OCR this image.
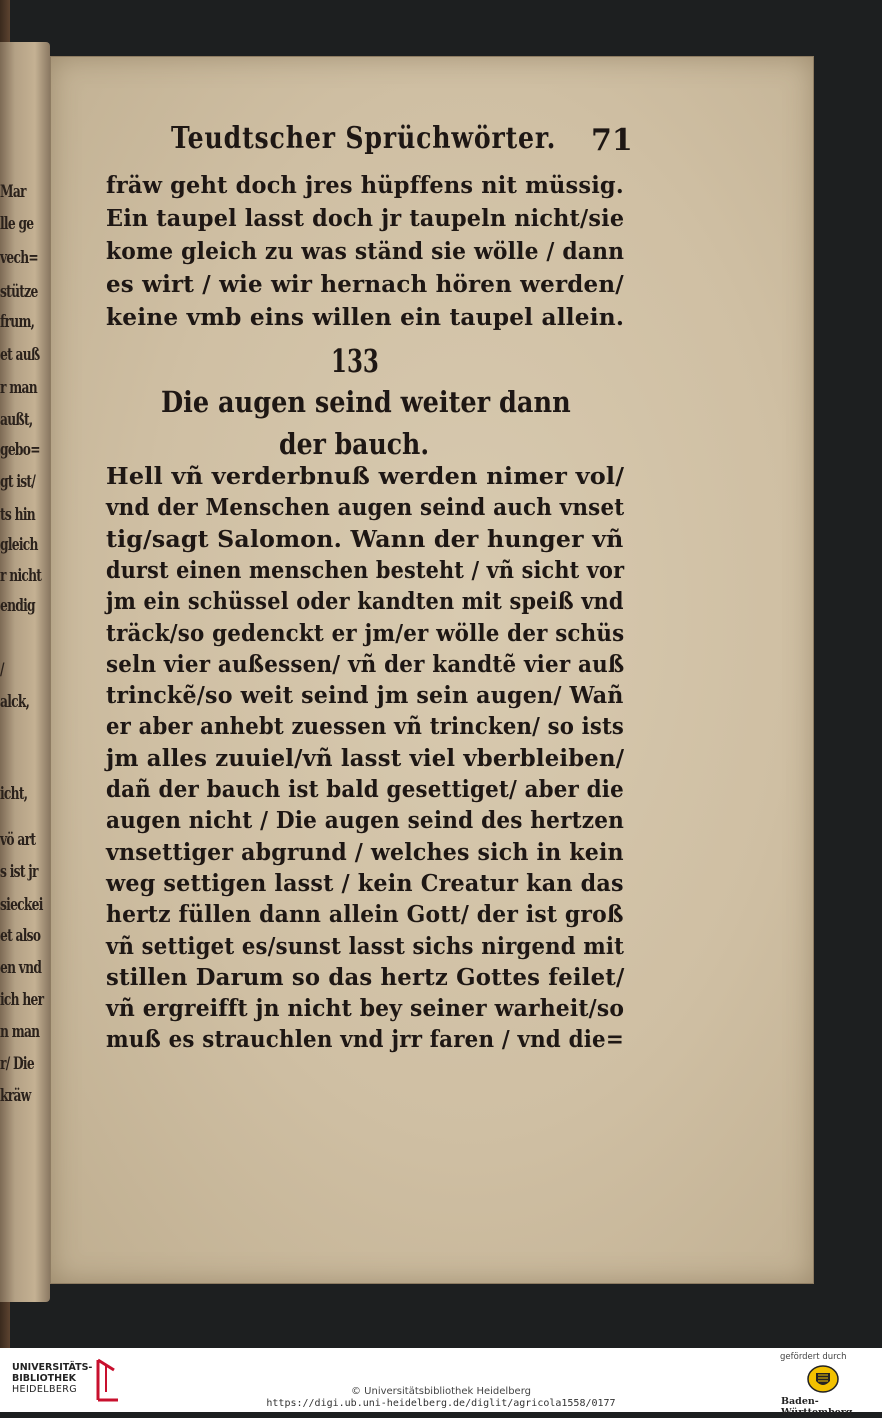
Mar
lle ge
vech=
stütze
frum,
et auß
r man
außt,
gebo=
gt ist/
ts hin
gleich
r nicht
endig
/
alck,
icht,
vö art
s ist jr
sieckei
et also
en vnd
ich her
n man
r/ Die
kräw
Teudtscher Sprüchwörter. 71
fräw geht doch jres hüpffens nit müssig.
Ein taupel lasst doch jr taupeln nicht/sie
kome gleich zu was ständ sie wölle / dann
es wirt / wie wir hernach hören werden/
keine vmb eins willen ein taupel allein.
133
Die augen seind weiter dann
der bauch.
Hell vñ verderbnuß werden nimer vol/
vnd der Menschen augen seind auch vnset
tig/sagt Salomon. Wann der hunger vñ
durst einen menschen besteht / vñ sicht vor
jm ein schüssel oder kandten mit speiß vnd
träck/so gedenckt er jm/er wölle der schüs
seln vier außessen/ vñ der kandtẽ vier auß
trinckẽ/so weit seind jm sein augen/ Wañ
er aber anhebt zuessen vñ trincken/ so ists
jm alles zuuiel/vñ lasst viel vberbleiben/
dañ der bauch ist bald gesettiget/ aber die
augen nicht / Die augen seind des hertzen
vnsettiger abgrund / welches sich in kein
weg settigen lasst / kein Creatur kan das
hertz füllen dann allein Gott/ der ist groß
vñ settiget es/sunst lasst sichs nirgend mit
stillen Darum so das hertz Gottes feilet/
vñ ergreifft jn nicht bey seiner warheit/so
muß es strauchlen vnd jrr faren / vnd die=
UNIVERSITÄTS-
BIBLIOTHEK
HEIDELBERG	© Universitätsbibliothek Heidelberg
https://digi.ub.uni-heidelberg.de/diglit/agricola1558/0177
gefördert durch
Baden-Württemberg
